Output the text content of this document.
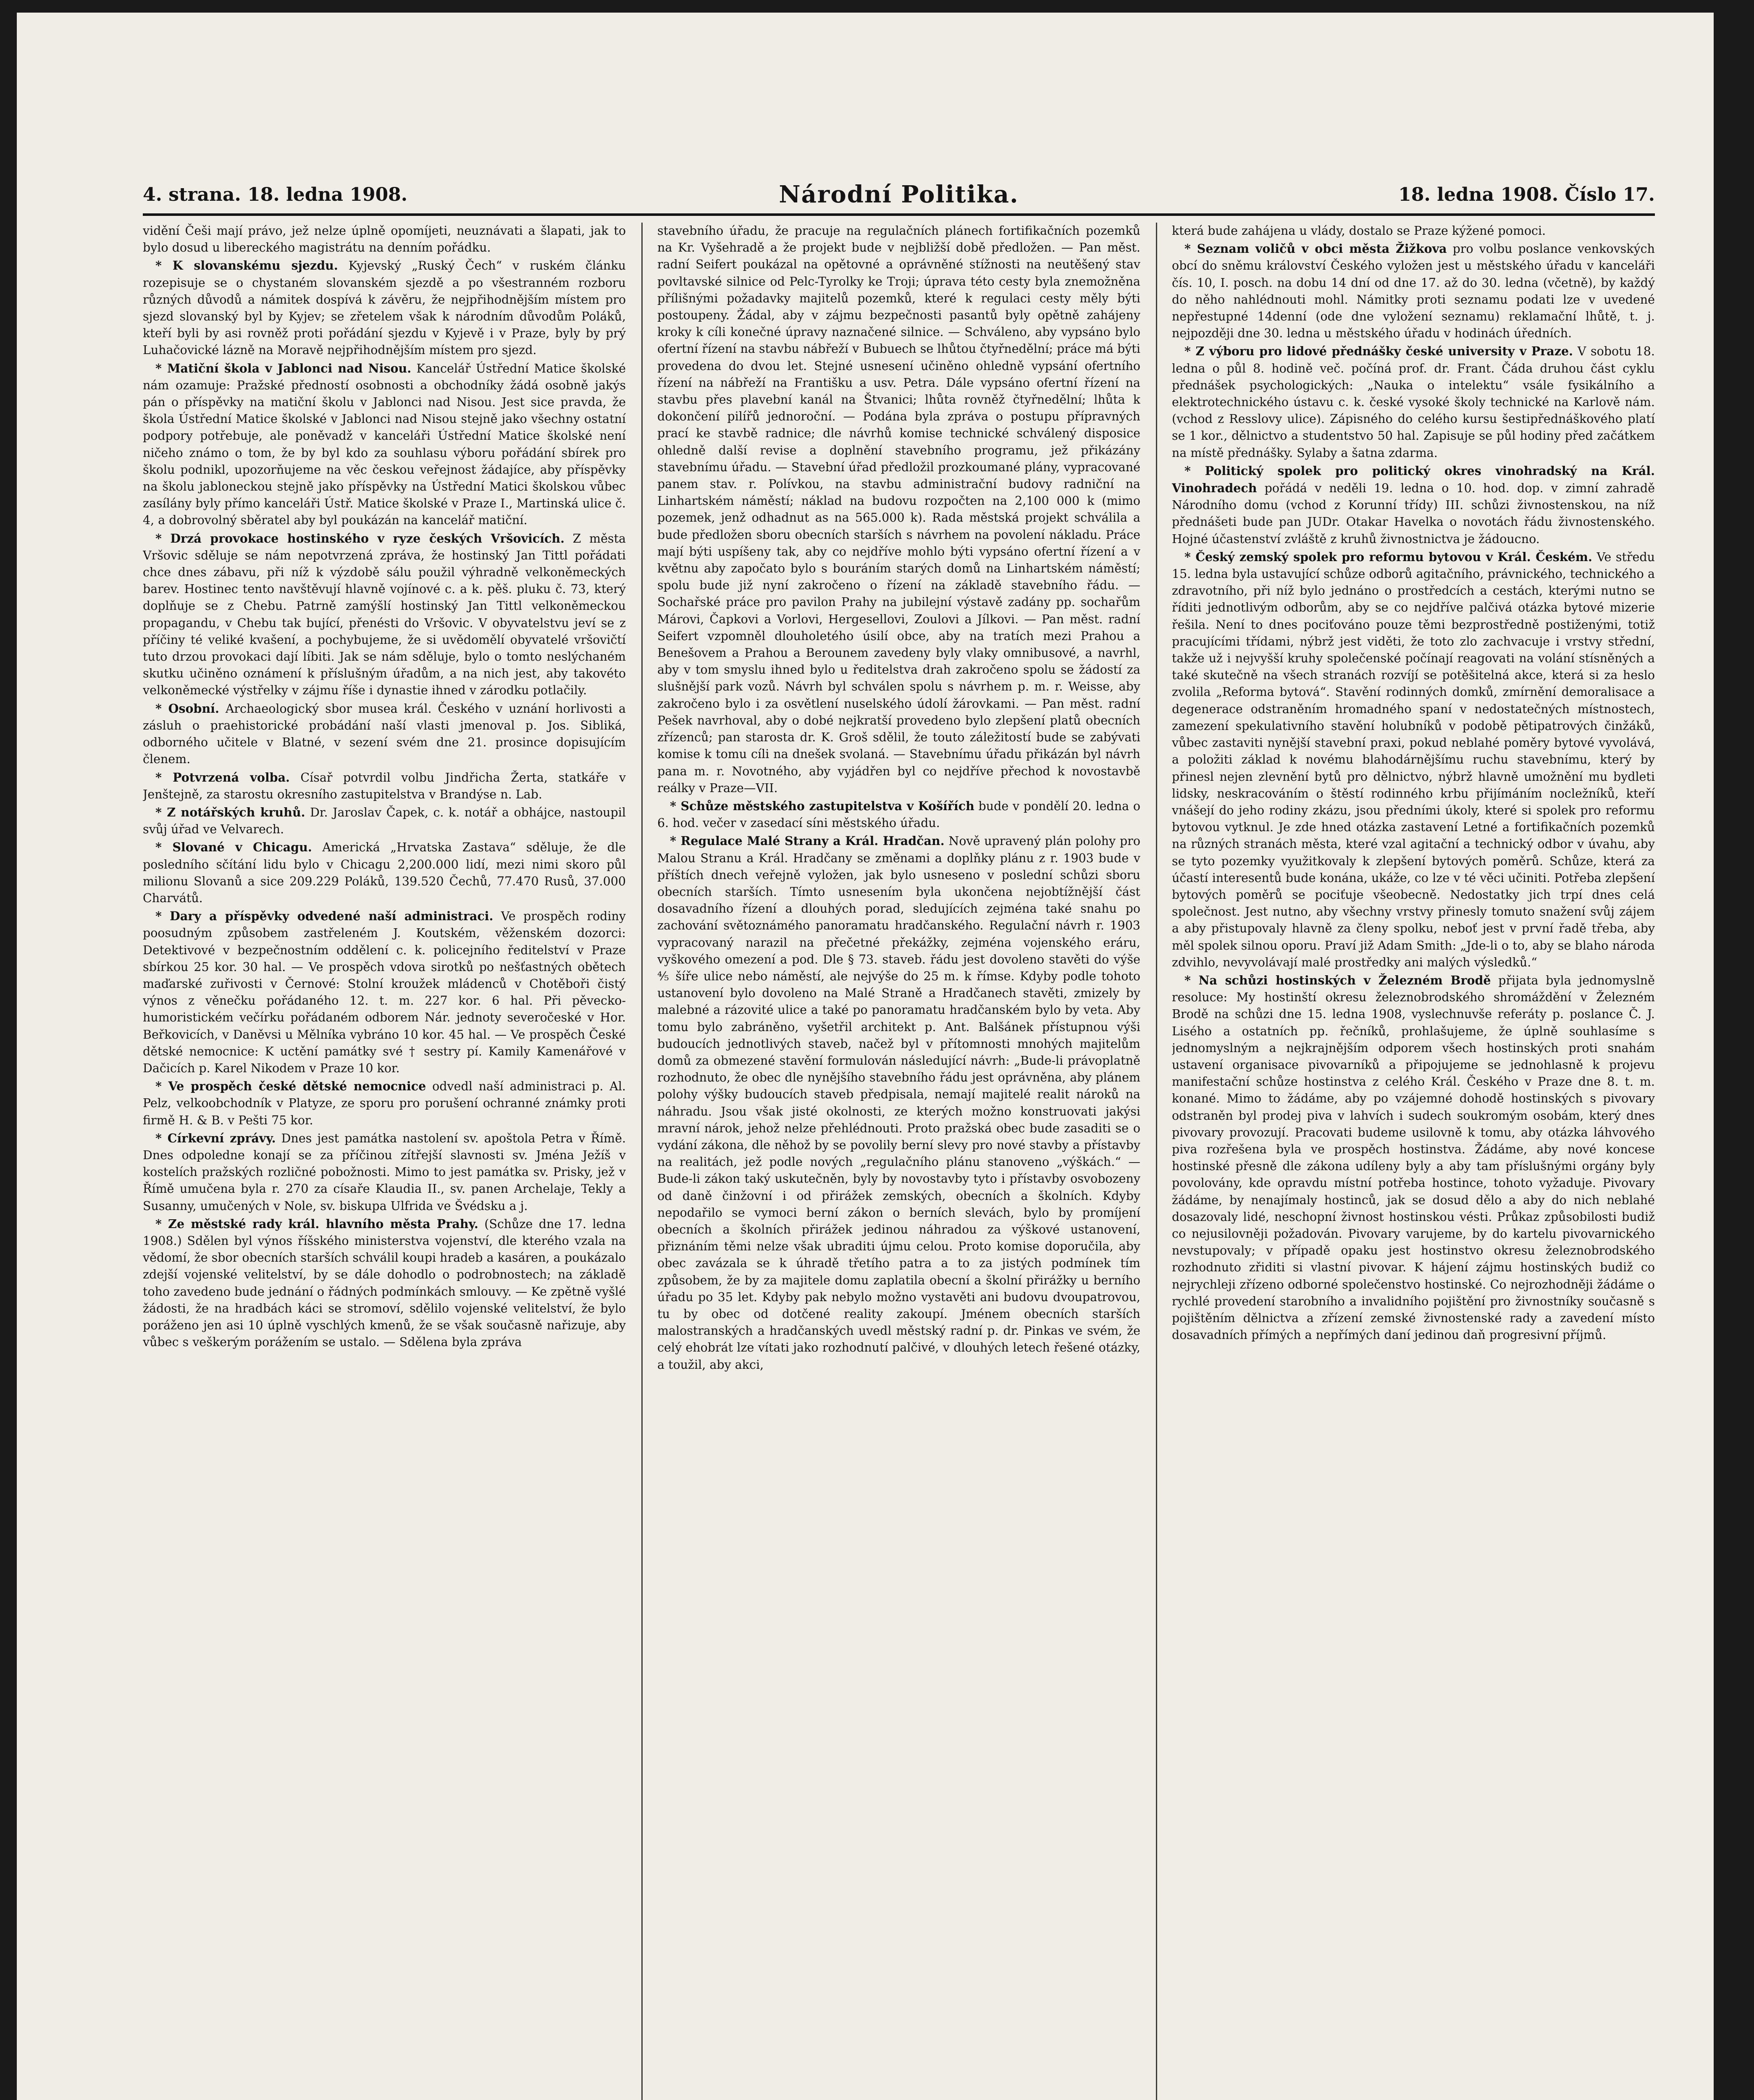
4. strana. 18. ledna 1908.	Národní Politika.	18. ledna 1908. Číslo 17.

vidění Češi mají právo, jež nelze úplně opomíjeti, neuznávati a šlapati, jak to bylo dosud u libereckého magistrátu na denním pořádku.

* K slovanskému sjezdu. Kyjevský „Ruský Čech“ v ruském článku rozepisuje se o chystaném slovanském sjezdě a po všestranném rozboru různých důvodů a námitek dospívá k závěru, že nejpřihodnějším místem pro sjezd slovanský byl by Kyjev; se zřetelem však k národním důvodům Poláků, kteří byli by asi rovněž proti pořádání sjezdu v Kyjevě i v Praze, byly by prý Luhačovické lázně na Moravě nejpřihodnějším místem pro sjezd.

* Matiční škola v Jablonci nad Nisou. Kancelář Ústřední Matice školské nám ozamuje: Pražské předností osobnosti a obchodníky žádá osobně jakýs pán o příspěvky na matiční školu v Jablonci nad Nisou. Jest sice pravda, že škola Ústřední Matice školské v Jablonci nad Nisou stejně jako všechny ostatní podpory potřebuje, ale poněvadž v kanceláři Ústřední Matice školské není ničeho známo o tom, že by byl kdo za souhlasu výboru pořádání sbírek pro školu podnikl, upozorňujeme na věc českou veřejnost žádajíce, aby příspěvky na školu jabloneckou stejně jako příspěvky na Ústřední Matici školskou vůbec zasílány byly přímo kanceláři Ústř. Matice školské v Praze I., Martinská ulice č. 4, a dobrovolný sběratel aby byl poukázán na kancelář matiční.

* Drzá provokace hostinského v ryze českých Vršovicích. Z města Vršovic sděluje se nám nepotvrzená zpráva, že hostinský Jan Tittl pořádati chce dnes zábavu, při níž k výzdobě sálu použil výhradně velkoněmeckých barev. Hostinec tento navštěvují hlavně vojínové c. a k. pěš. pluku č. 73, který doplňuje se z Chebu. Patrně zamýšlí hostinský Jan Tittl velkoněmeckou propagandu, v Chebu tak bující, přenésti do Vršovic. V obyvatelstvu jeví se z příčiny té veliké kvašení, a pochybujeme, že si uvědomělí obyvatelé vršovičtí tuto drzou provokaci dají líbiti. Jak se nám sděluje, bylo o tomto neslýchaném skutku učiněno oznámení k příslušným úřadům, a na nich jest, aby takovéto velkoněmecké výstřelky v zájmu říše i dynastie ihned v zárodku potlačily.

* Osobní. Archaeologický sbor musea král. Českého v uznání horlivosti a zásluh o praehistorické probádání naší vlasti jmenoval p. Jos. Sibliká, odborného učitele v Blatné, v sezení svém dne 21. prosince dopisujícím členem.

* Potvrzená volba. Císař potvrdil volbu Jindřicha Žerta, statkáře v Jenštejně, za starostu okresního zastupitelstva v Brandýse n. Lab.

* Z notářských kruhů. Dr. Jaroslav Čapek, c. k. notář a obhájce, nastoupil svůj úřad ve Velvarech.

* Slované v Chicagu. Americká „Hrvatska Zastava“ sděluje, že dle posledního sčítání lidu bylo v Chicagu 2,200.000 lidí, mezi nimi skoro půl milionu Slovanů a sice 209.229 Poláků, 139.520 Čechů, 77.470 Rusů, 37.000 Charvátů.

* Dary a příspěvky odvedené naší administraci. Ve prospěch rodiny poosudným způsobem zastřeleném J. Koutském, věženském dozorci: Detektivové v bezpečnostním oddělení c. k. policejního ředitelství v Praze sbírkou 25 kor. 30 hal. — Ve prospěch vdova sirotků po nešťastných obětech maďarské zuřivosti v Černové: Stolní kroužek mládenců v Chotěboři čistý výnos z věnečku pořádaného 12. t. m. 227 kor. 6 hal. Při pěvecko-humoristickém večírku pořádaném odborem Nár. jednoty severočeské v Hor. Beřkovicích, v Daněvsi u Mělníka vybráno 10 kor. 45 hal. — Ve prospěch České dětské nemocnice: K uctění památky své † sestry pí. Kamily Kamenářové v Dačicích p. Karel Nikodem v Praze 10 kor.

* Ve prospěch české dětské nemocnice odvedl naší administraci p. Al. Pelz, velkoobchodník v Platyze, ze sporu pro porušení ochranné známky proti firmě H. & B. v Pešti 75 kor.

* Církevní zprávy. Dnes jest památka nastolení sv. apoštola Petra v Římě. Dnes odpoledne konají se za příčinou zítřejší slavnosti sv. Jména Ježíš v kostelích pražských rozličné pobožnosti. Mimo to jest památka sv. Prisky, jež v Římě umučena byla r. 270 za císaře Klaudia II., sv. panen Archelaje, Tekly a Susanny, umučených v Nole, sv. biskupa Ulfrida ve Švédsku a j.

* Ze městské rady král. hlavního města Prahy. (Schůze dne 17. ledna 1908.) Sdělen byl výnos říšského ministerstva vojenství, dle kterého vzala na vědomí, že sbor obecních starších schválil koupi hradeb a kasáren, a poukázalo zdejší vojenské velitelství, by se dále dohodlo o podrobnostech; na základě toho zavedeno bude jednání o řádných podmínkách smlouvy. — Ke zpětně vyšlé žádosti, že na hradbách káci se stromoví, sdělilo vojenské velitelství, že bylo poráženo jen asi 10 úplně vyschlých kmenů, že se však současně nařizuje, aby vůbec s veškerým porážením se ustalo. — Sdělena byla zpráva

stavebního úřadu, že pracuje na regulačních plánech fortifikačních pozemků na Kr. Vyšehradě a že projekt bude v nejbližší době předložen. — Pan měst. radní Seifert poukázal na opětovné a oprávněné stížnosti na neutěšený stav povltavské silnice od Pelc-Tyrolky ke Troji; úprava této cesty byla znemožněna přílišnými požadavky majitelů pozemků, které k regulaci cesty měly býti postoupeny. Žádal, aby v zájmu bezpečnosti pasantů byly opětně zahájeny kroky k cíli konečné úpravy naznačené silnice. — Schváleno, aby vypsáno bylo ofertní řízení na stavbu nábřeží v Bubuech se lhůtou čtyřnedělní; práce má býti provedena do dvou let. Stejné usnesení učiněno ohledně vypsání ofertního řízení na nábřeží na Františku a usv. Petra. Dále vypsáno ofertní řízení na stavbu přes plavební kanál na Štvanici; lhůta rovněž čtyřnedělní; lhůta k dokončení pilířů jednoroční. — Podána byla zpráva o postupu přípravných prací ke stavbě radnice; dle návrhů komise technické schválený disposice ohledně další revise a doplnění stavebního programu, jež přikázány stavebnímu úřadu. — Stavební úřad předložil prozkoumané plány, vypracované panem stav. r. Polívkou, na stavbu administrační budovy radniční na Linhartském náměstí; náklad na budovu rozpočten na 2,100 000 k (mimo pozemek, jenž odhadnut as na 565.000 k). Rada městská projekt schválila a bude předložen sboru obecních starších s návrhem na povolení nákladu. Práce mají býti uspíšeny tak, aby co nejdříve mohlo býti vypsáno ofertní řízení a v květnu aby započato bylo s bouráním starých domů na Linhartském náměstí; spolu bude již nyní zakročeno o řízení na základě stavebního řádu. — Sochařské práce pro pavilon Prahy na jubilejní výstavě zadány pp. sochařům Márovi, Čapkovi a Vorlovi, Hergesellovi, Zoulovi a Jílkovi. — Pan měst. radní Seifert vzpomněl dlouholetého úsilí obce, aby na tratích mezi Prahou a Benešovem a Prahou a Berounem zavedeny byly vlaky omnibusové, a navrhl, aby v tom smyslu ihned bylo u ředitelstva drah zakročeno spolu se žádostí za slušnější park vozů. Návrh byl schválen spolu s návrhem p. m. r. Weisse, aby zakročeno bylo i za osvětlení nuselského údolí žárovkami. — Pan měst. radní Pešek navrhoval, aby o dobé nejkratší provedeno bylo zlepšení platů obecních zřízenců; pan starosta dr. K. Groš sdělil, že touto záležitostí bude se zabývati komise k tomu cíli na dnešek svolaná. — Stavebnímu úřadu přikázán byl návrh pana m. r. Novotného, aby vyjádřen byl co nejdříve přechod k novostavbě reálky v Praze—VII.

* Schůze městského zastupitelstva v Košířích bude v pondělí 20. ledna o 6. hod. večer v zasedací síni městského úřadu.

* Regulace Malé Strany a Král. Hradčan. Nově upravený plán polohy pro Malou Stranu a Král. Hradčany se změnami a doplňky plánu z r. 1903 bude v příštích dnech veřejně vyložen, jak bylo usneseno v poslední schůzi sboru obecních starších. Tímto usnesením byla ukončena nejobtížnější část dosavadního řízení a dlouhých porad, sledujících zejména také snahu po zachování světoznámého panoramatu hradčanského. Regulační návrh r. 1903 vypracovaný narazil na přečetné překážky, zejména vojenského eráru, vyškového omezení a pod. Dle § 73. staveb. řádu jest dovoleno stavěti do výše ⅘ šíře ulice nebo náměstí, ale nejvýše do 25 m. k římse. Kdyby podle tohoto ustanovení bylo dovoleno na Malé Straně a Hradčanech stavěti, zmizely by malebné a rázovité ulice a také po panoramatu hradčanském bylo by veta. Aby tomu bylo zabráněno, vyšetřil architekt p. Ant. Balšánek přístupnou výši budoucích jednotlivých staveb, načež byl v přítomnosti mnohých majitelům domů za obmezené stavění formulován následující návrh: „Bude-li právoplatně rozhodnuto, že obec dle nynějšího stavebního řádu jest oprávněna, aby plánem polohy výšky budoucích staveb předpisala, nemají majitelé realit nároků na náhradu. Jsou však jisté okolnosti, ze kterých možno konstruovati jakýsi mravní nárok, jehož nelze přehlédnouti. Proto pražská obec bude zasaditi se o vydání zákona, dle něhož by se povolily berní slevy pro nové stavby a přístavby na realitách, jež podle nových „regulačního plánu stanoveno „výškách.“ — Bude-li zákon taký uskutečněn, byly by novostavby tyto i přístavby osvobozeny od daně činžovní i od přirážek zemských, obecních a školních. Kdyby nepodařilo se vymoci berní zákon o berních slevách, bylo by promíjení obecních a školních přirážek jedinou náhradou za výškové ustanovení, přiznáním těmi nelze však ubraditi újmu celou. Proto komise doporučila, aby obec zavázala se k úhradě třetího patra a to za jistých podmínek tím způsobem, že by za majitele domu zaplatila obecní a školní přirážky u berního úřadu po 35 let. Kdyby pak nebylo možno vystavěti ani budovu dvoupatrovou, tu by obec od dotčené reality zakoupí. Jménem obecních starších malostranských a hradčanských uvedl městský radní p. dr. Pinkas ve svém, že celý ehobrát lze vítati jako rozhodnutí palčivé, v dlouhých letech řešené otázky, a toužil, aby akci,

která bude zahájena u vlády, dostalo se Praze kýžené pomoci.

* Seznam voličů v obci města Žižkova pro volbu poslance venkovských obcí do sněmu království Českého vyložen jest u městského úřadu v kanceláři čís. 10, I. posch. na dobu 14 dní od dne 17. až do 30. ledna (včetně), by každý do něho nahlédnouti mohl. Námitky proti seznamu podati lze v uvedené nepřestupné 14denní (ode dne vyložení seznamu) reklamační lhůtě, t. j. nejpozději dne 30. ledna u městského úřadu v hodinách úředních.

* Z výboru pro lidové přednášky české university v Praze. V sobotu 18. ledna o půl 8. hodině več. počíná prof. dr. Frant. Čáda druhou část cyklu přednášek psychologických: „Nauka o intelektu“ vsále fysikálního a elektrotechnického ústavu c. k. české vysoké školy technické na Karlově nám. (vchod z Resslovy ulice). Zápisného do celého kursu šestipřednáškového platí se 1 kor., dělnictvo a studentstvo 50 hal. Zapisuje se půl hodiny před začátkem na místě přednášky. Sylaby a šatna zdarma.

* Politický spolek pro politický okres vinohradský na Král. Vinohradech pořádá v neděli 19. ledna o 10. hod. dop. v zimní zahradě Národního domu (vchod z Korunní třídy) III. schůzi živnostenskou, na níž přednášeti bude pan JUDr. Otakar Havelka o novotách řádu živnostenského. Hojné účastenství zvláště z kruhů živnostnictva je žádoucno.

* Český zemský spolek pro reformu bytovou v Král. Českém. Ve středu 15. ledna byla ustavující schůze odborů agitačního, právnického, technického a zdravotního, při níž bylo jednáno o prostředcích a cestách, kterými nutno se říditi jednotlivým odborům, aby se co nejdříve palčivá otázka bytové mizerie řešila. Není to dnes pociťováno pouze těmi bezprostředně postiženými, totiž pracujícími třídami, nýbrž jest viděti, že toto zlo zachvacuje i vrstvy střední, takže už i nejvyšší kruhy společenské počínají reagovati na volání stísněných a také skutečně na všech stranách rozvíjí se potěšitelná akce, která si za heslo zvolila „Reforma bytová“. Stavění rodinných domků, zmírnění demoralisace a degenerace odstraněním hromadného spaní v nedostatečných místnostech, zamezení spekulativního stavění holubníků v podobě pětipatrových činžáků, vůbec zastaviti nynější stavební praxi, pokud neblahé poměry bytové vyvolává, a položiti základ k novému blahodárnějšímu ruchu stavebnímu, který by přinesl nejen zlevnění bytů pro dělnictvo, nýbrž hlavně umožnění mu bydleti lidsky, neskracováním o štěstí rodinného krbu přijímáním nocležníků, kteří vnášejí do jeho rodiny zkázu, jsou předními úkoly, které si spolek pro reformu bytovou vytknul. Je zde hned otázka zastavení Letné a fortifikačních pozemků na různých stranách města, které vzal agitační a technický odbor v úvahu, aby se tyto pozemky využitkovaly k zlepšení bytových poměrů. Schůze, která za účastí interesentů bude konána, ukáže, co lze v té věci učiniti. Potřeba zlepšení bytových poměrů se pociťuje všeobecně. Nedostatky jich trpí dnes celá společnost. Jest nutno, aby všechny vrstvy přinesly tomuto snažení svůj zájem a aby přistupovaly hlavně za členy spolku, neboť jest v první řadě třeba, aby měl spolek silnou oporu. Praví již Adam Smith: „Jde-li o to, aby se blaho národa zdvihlo, nevyvolávají malé prostředky ani malých výsledků.“

* Na schůzi hostinských v Železném Brodě přijata byla jednomyslně resoluce: My hostinští okresu železnobrodského shromáždění v Železném Brodě na schůzi dne 15. ledna 1908, vyslechnuvše referáty p. poslance Č. J. Lisého a ostatních pp. řečníků, prohlašujeme, že úplně souhlasíme s jednomyslným a nejkrajnějším odporem všech hostinských proti snahám ustavení organisace pivovarníků a připojujeme se jednohlasně k projevu manifestační schůze hostinstva z celého Král. Českého v Praze dne 8. t. m. konané. Mimo to žádáme, aby po vzájemné dohodě hostinských s pivovary odstraněn byl prodej piva v lahvích i sudech soukromým osobám, který dnes pivovary provozují. Pracovati budeme usilovně k tomu, aby otázka láhvového piva rozřešena byla ve prospěch hostinstva. Žádáme, aby nové koncese hostinské přesně dle zákona udíleny byly a aby tam příslušnými orgány byly povolovány, kde opravdu místní potřeba hostince, tohoto vyžaduje. Pivovary žádáme, by nenajímaly hostinců, jak se dosud dělo a aby do nich neblahé dosazovaly lidé, neschopní živnost hostinskou vésti. Průkaz způsobilosti budiž co nejusilovněji požadován. Pivovary varujeme, by do kartelu pivovarnického nevstupovaly; v případě opaku jest hostinstvo okresu železnobrodského rozhodnuto zřiditi si vlastní pivovar. K hájení zájmu hostinských budiž co nejrychleji zřízeno odborné společenstvo hostinské. Co nejrozhodněji žádáme o rychlé provedení starobního a invalidního pojištění pro živnostníky současně s pojištěním dělnictva a zřízení zemské živnostenské rady a zavedení místo dosavadních přímých a nepřímých daní jedinou daň progresivní příjmů.
